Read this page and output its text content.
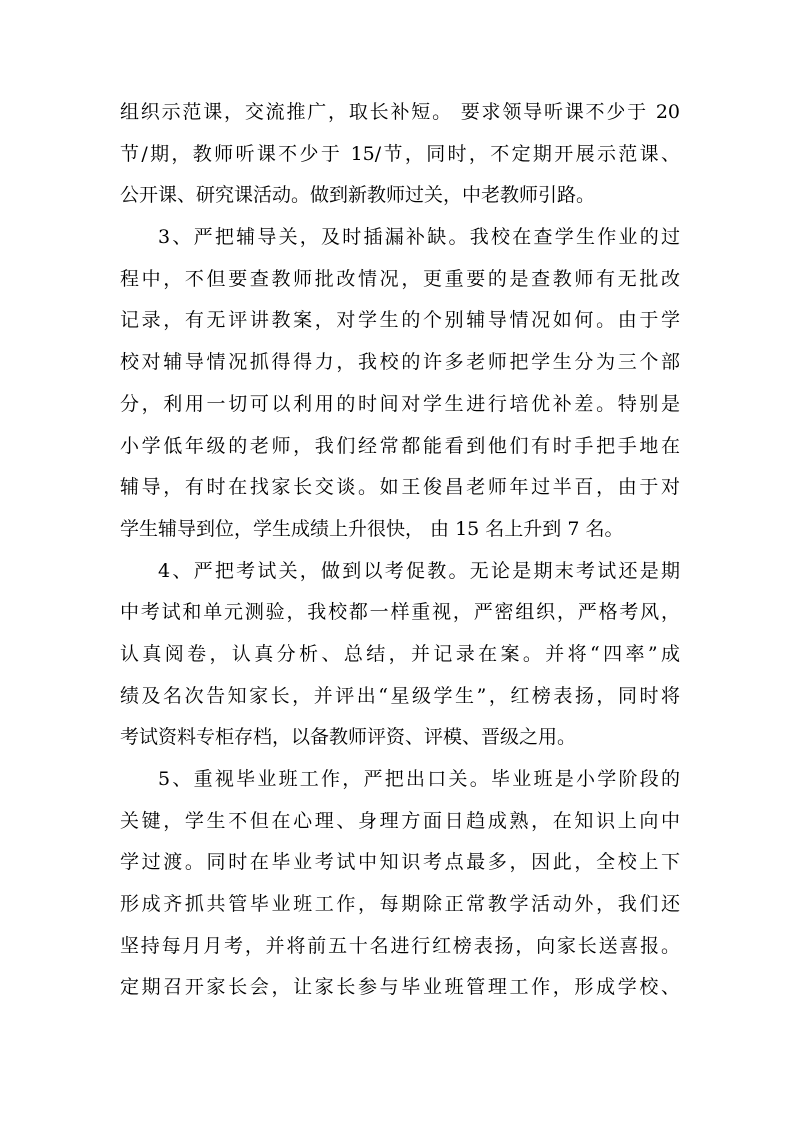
组织示范课，交流推广，取长补短。 要求领导听课不少于 20
节/期，教师听课不少于 15/节，同时，不定期开展示范课、
公开课、研究课活动。做到新教师过关，中老教师引路。
3、严把辅导关，及时插漏补缺。我校在查学生作业的过
程中，不但要查教师批改情况，更重要的是查教师有无批改
记录，有无评讲教案，对学生的个别辅导情况如何。由于学
校对辅导情况抓得得力，我校的许多老师把学生分为三个部
分，利用一切可以利用的时间对学生进行培优补差。特别是
小学低年级的老师，我们经常都能看到他们有时手把手地在
辅导，有时在找家长交谈。如王俊昌老师年过半百，由于对
学生辅导到位，学生成绩上升很快， 由 15 名上升到 7 名。
4、严把考试关，做到以考促教。无论是期末考试还是期
中考试和单元测验，我校都一样重视，严密组织，严格考风，
认真阅卷，认真分析、总结，并记录在案。并将“四率”成
绩及名次告知家长，并评出“星级学生”，红榜表扬，同时将
考试资料专柜存档，以备教师评资、评模、晋级之用。
5、重视毕业班工作，严把出口关。毕业班是小学阶段的
关键，学生不但在心理、身理方面日趋成熟，在知识上向中
学过渡。同时在毕业考试中知识考点最多，因此，全校上下
形成齐抓共管毕业班工作，每期除正常教学活动外，我们还
坚持每月月考，并将前五十名进行红榜表扬，向家长送喜报。
定期召开家长会，让家长参与毕业班管理工作，形成学校、
